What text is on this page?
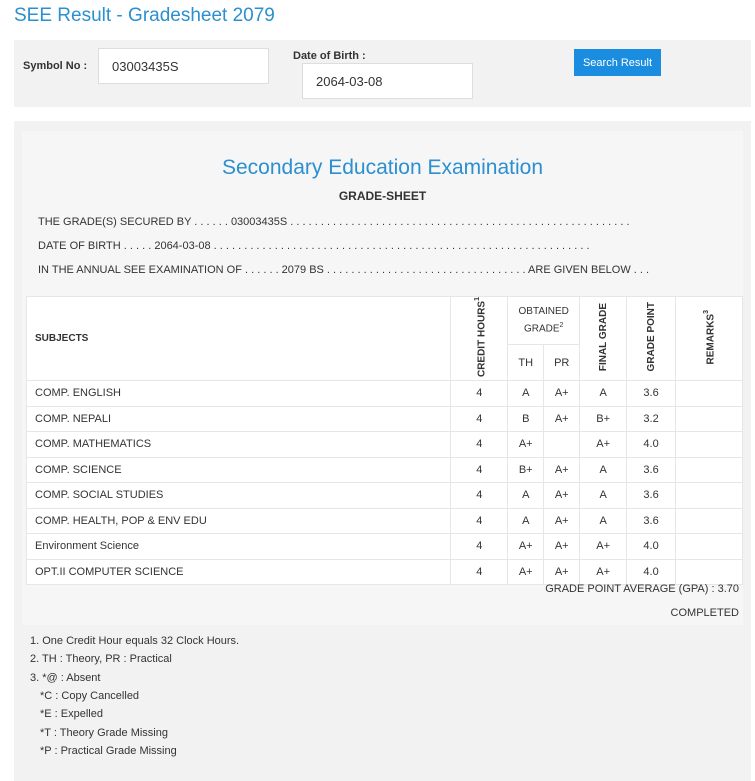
SEE Result - Gradesheet 2079
Symbol No :
03003435S
Date of Birth :
2064-03-08
Search Result
Secondary Education Examination
GRADE-SHEET
THE GRADE(S) SECURED BY . . . . . . 03003435S . . . . . . . . . . . . . . . . . . . . . . . . . . . . . . . . . . . . . . . . . . . . . . . . . . . . . . . .
DATE OF BIRTH . . . . . 2064-03-08 . . . . . . . . . . . . . . . . . . . . . . . . . . . . . . . . . . . . . . . . . . . . . . . . . . . . . . . . . . . . . .
IN THE ANNUAL SEE EXAMINATION OF . . . . . . 2079 BS . . . . . . . . . . . . . . . . . . . . . . . . . . . . . . . . . ARE GIVEN BELOW . . .
SUBJECTS	CREDIT HOURS$^1$	OBTAINED GRADE$^2$		FINAL GRADE	GRADE POINT	REMARKS$^3$
		TH	PR			
COMP. ENGLISH	4	A	A+	A	3.6	
COMP. NEPALI	4	B	A+	B+	3.2	
COMP. MATHEMATICS	4	A+		A+	4.0	
COMP. SCIENCE	4	B+	A+	A	3.6	
COMP. SOCIAL STUDIES	4	A	A+	A	3.6	
COMP. HEALTH, POP & ENV EDU	4	A	A+	A	3.6	
Environment Science	4	A+	A+	A+	4.0	
OPT.II COMPUTER SCIENCE	4	A+	A+	A+	4.0	
GRADE POINT AVERAGE (GPA) : 3.70
COMPLETED
1. One Credit Hour equals 32 Clock Hours.
2. TH : Theory, PR : Practical
3. *@ : Absent
*C : Copy Cancelled
*E : Expelled
*T : Theory Grade Missing
*P : Practical Grade Missing
